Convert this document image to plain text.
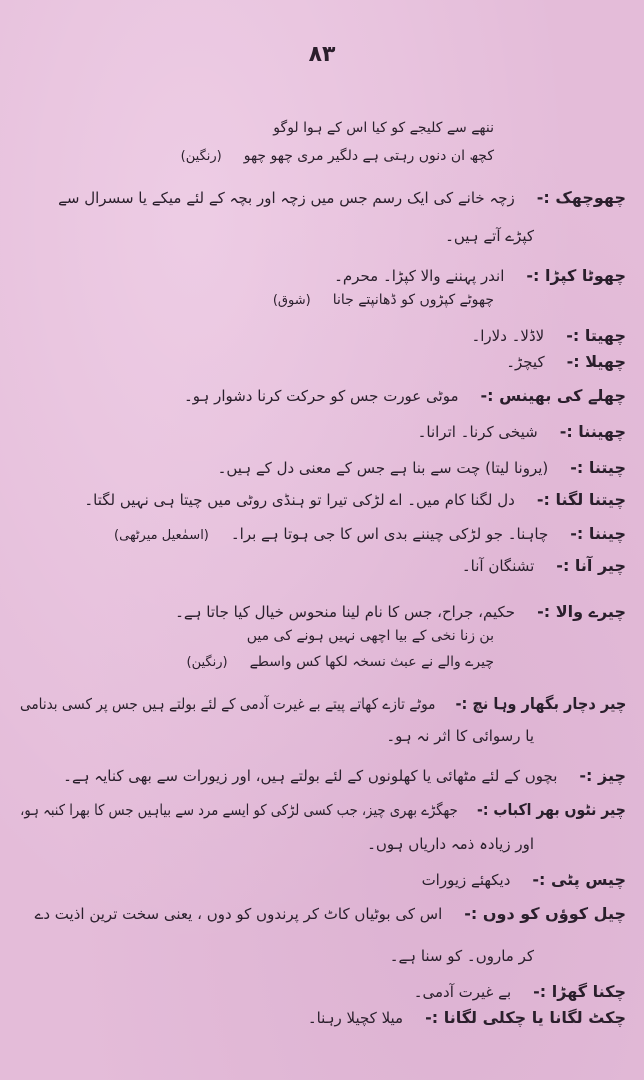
۸۳
ننھے سے کلیجے کو کیا اس کے ہوا لوگو
کچھ ان دنوں رہتی ہے دلگیر مری چھو چھو(رنگین)
چھوچھک :-زچہ خانے کی ایک رسم جس میں زچہ اور بچہ کے لئے میکے یا سسرال سے
کپڑے آتے ہیں۔
چھوٹا کپڑا :-اندر پہننے والا کپڑا۔ محرم۔
چھوٹے کپڑوں کو ڈھانپتے جانا(شوق)
چھیتا :-لاڈلا۔ دلارا۔
چھیلا :-کیچڑ۔
چھلے کی بھینس :-موٹی عورت جس کو حرکت کرنا دشوار ہو۔
چھیننا :-شیخی کرنا۔ اترانا۔
چیتنا :-(یرونا لیتا) چت سے بنا ہے جس کے معنی دل کے ہیں۔
چیتنا لگنا :-دل لگنا کام میں۔ اے لڑکی تیرا تو ہنڈی روٹی میں چیتا ہی نہیں لگتا۔
چیننا :-چاہنا۔ جو لڑکی چیننے بدی اس کا جی ہوتا ہے برا۔(اسمٰعیل میرٹھی)
چیر آنا :-تشنگان آنا۔
چیرے والا :-حکیم، جراح، جس کا نام لینا منحوس خیال کیا جاتا ہے۔
بن زنا نخی کے بیا اچھی نہیں ہونے کی میں
چیرے والے نے عبث نسخہ لکھا کس واسطے(رنگین)
چیر دچار بگھار وہا نچ :-موٹے تازے کھاتے پیتے بے غیرت آدمی کے لئے بولتے ہیں جس پر کسی بدنامی
یا رسوائی کا اثر نہ ہو۔
چیز :-بچوں کے لئے مٹھائی یا کھلونوں کے لئے بولتے ہیں، اور زیورات سے بھی کنایہ ہے۔
چیر نٹوں بھر اکباب :-جھگڑے بھری چیز، جب کسی لڑکی کو ایسے مرد سے بیاہیں جس کا بھرا کنبہ ہو،
اور زیادہ ذمہ داریاں ہوں۔
چیس پٹی :-دیکھئے زیورات
چیل کوؤں کو دوں :-اس کی بوٹیاں کاٹ کر پرندوں کو دوں ، یعنی سخت ترین اذیت دے
کر ماروں۔ کو سنا ہے۔
چکنا گھڑا :-بے غیرت آدمی۔
چکٹ لگانا یا چکلی لگانا :-میلا کچیلا رہنا۔
